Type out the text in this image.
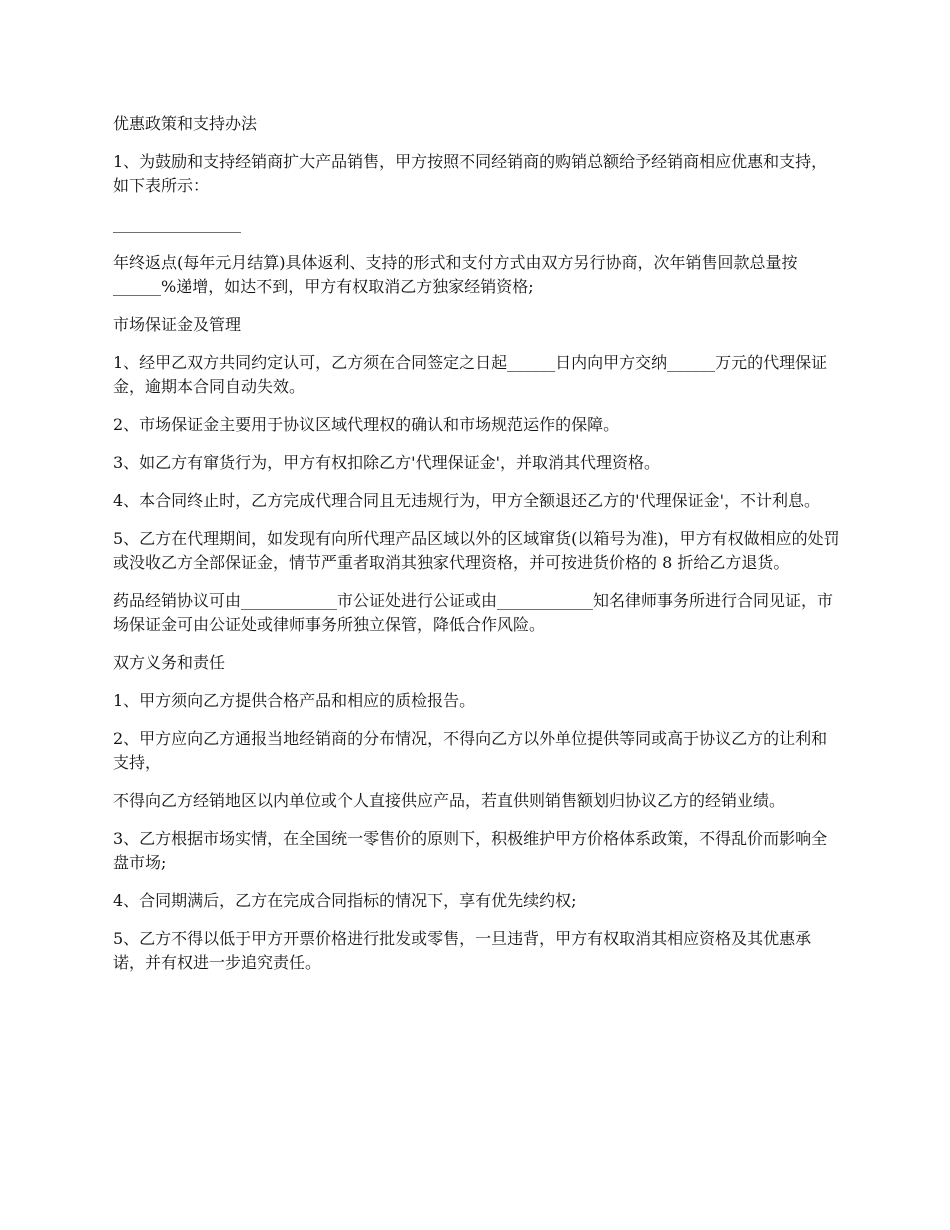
优惠政策和支持办法

1、为鼓励和支持经销商扩大产品销售，甲方按照不同经销商的购销总额给予经销商相应优惠和支持，如下表所示：

________________

年终返点(每年元月结算)具体返利、支持的形式和支付方式由双方另行协商，次年销售回款总量按______%递增，如达不到，甲方有权取消乙方独家经销资格;

市场保证金及管理

1、经甲乙双方共同约定认可，乙方须在合同签定之日起______日内向甲方交纳______万元的代理保证金，逾期本合同自动失效。

2、市场保证金主要用于协议区域代理权的确认和市场规范运作的保障。

3、如乙方有窜货行为，甲方有权扣除乙方'代理保证金'，并取消其代理资格。

4、本合同终止时，乙方完成代理合同且无违规行为，甲方全额退还乙方的'代理保证金'，不计利息。

5、乙方在代理期间，如发现有向所代理产品区域以外的区域窜货(以箱号为准)，甲方有权做相应的处罚或没收乙方全部保证金，情节严重者取消其独家代理资格，并可按进货价格的 8 折给乙方退货。

药品经销协议可由____________市公证处进行公证或由____________知名律师事务所进行合同见证，市场保证金可由公证处或律师事务所独立保管，降低合作风险。

双方义务和责任

1、甲方须向乙方提供合格产品和相应的质检报告。

2、甲方应向乙方通报当地经销商的分布情况，不得向乙方以外单位提供等同或高于协议乙方的让利和支持，

不得向乙方经销地区以内单位或个人直接供应产品，若直供则销售额划归协议乙方的经销业绩。

3、乙方根据市场实情，在全国统一零售价的原则下，积极维护甲方价格体系政策，不得乱价而影响全盘市场;

4、合同期满后，乙方在完成合同指标的情况下，享有优先续约权;

5、乙方不得以低于甲方开票价格进行批发或零售，一旦违背，甲方有权取消其相应资格及其优惠承诺，并有权进一步追究责任。
